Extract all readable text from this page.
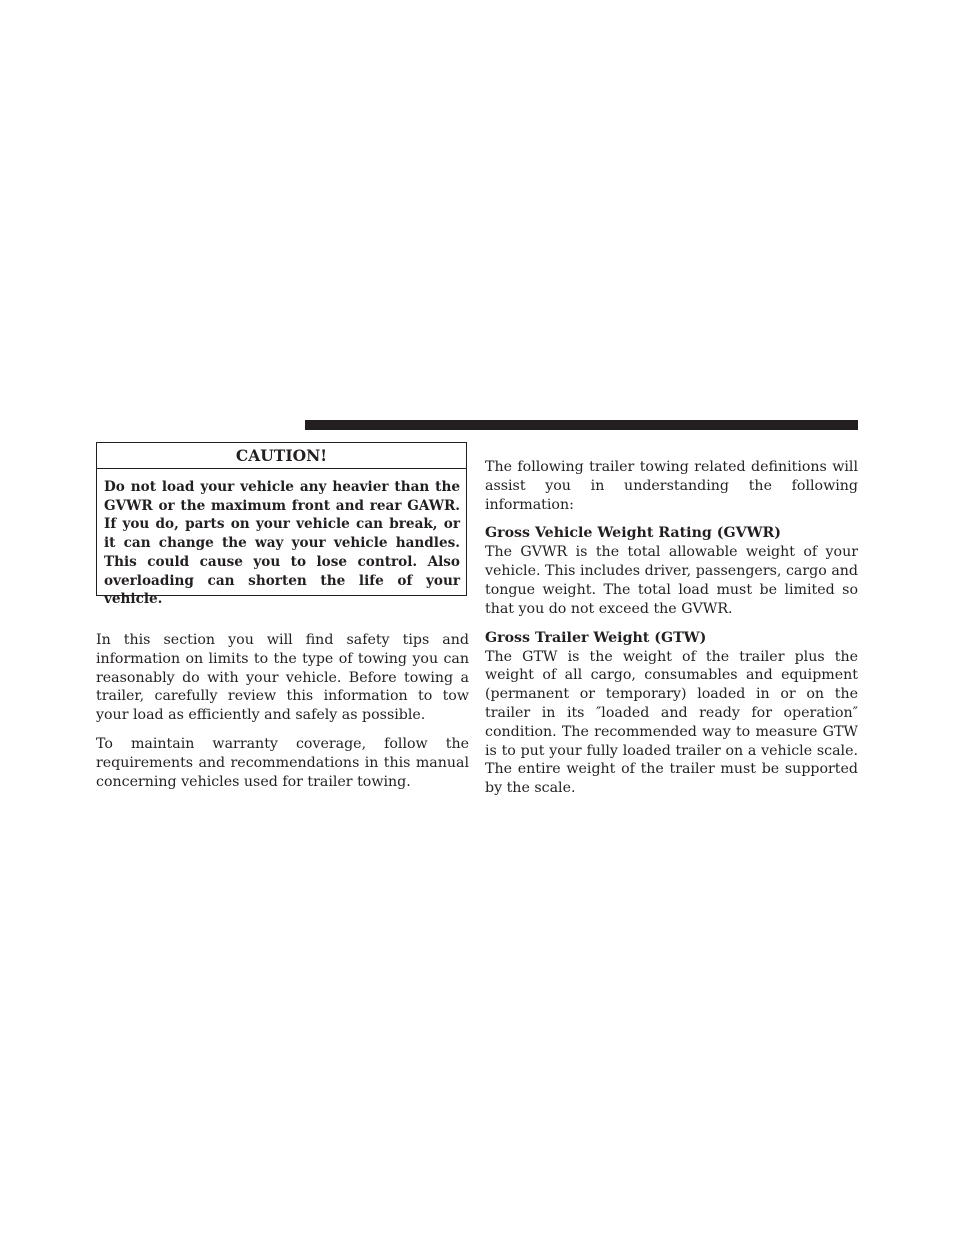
CAUTION!
Do not load your vehicle any heavier than the GVWR or the maximum front and rear GAWR. If you do, parts on your vehicle can break, or it can change the way your vehicle handles. This could cause you to lose control. Also overloading can shorten the life of your vehicle.

In this section you will find safety tips and information on limits to the type of towing you can reasonably do with your vehicle. Before towing a trailer, carefully review this information to tow your load as efficiently and safely as possible.

To maintain warranty coverage, follow the requirements and recommendations in this manual concerning vehicles used for trailer towing.

The following trailer towing related definitions will assist you in understanding the following information:

Gross Vehicle Weight Rating (GVWR)

The GVWR is the total allowable weight of your vehicle. This includes driver, passengers, cargo and tongue weight. The total load must be limited so that you do not exceed the GVWR.

Gross Trailer Weight (GTW)

The GTW is the weight of the trailer plus the weight of all cargo, consumables and equipment (permanent or temporary) loaded in or on the trailer in its ″loaded and ready for operation″ condition. The recommended way to measure GTW is to put your fully loaded trailer on a vehicle scale. The entire weight of the trailer must be supported by the scale.
